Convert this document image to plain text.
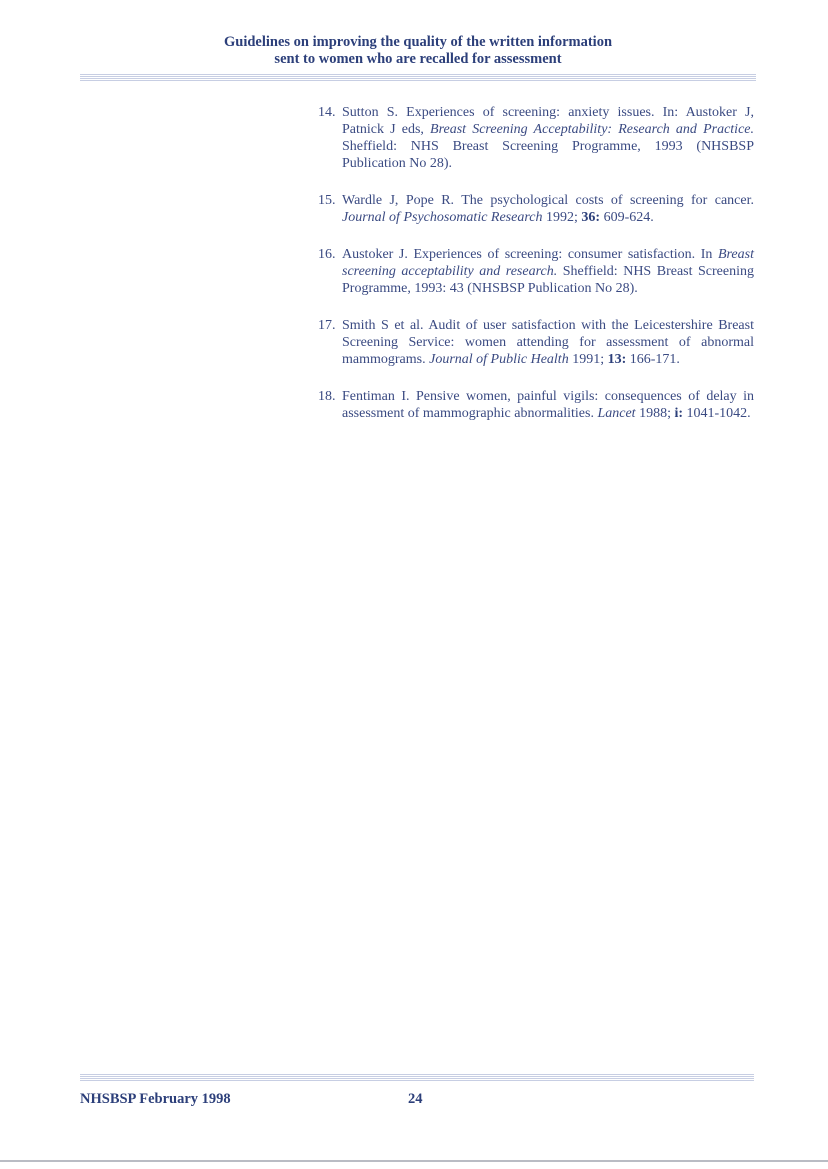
Guidelines on improving the quality of the written information
sent to women who are recalled for assessment
14. Sutton S. Experiences of screening: anxiety issues. In: Austoker J, Patnick J eds, Breast Screening Acceptability: Research and Practice. Sheffield: NHS Breast Screening Programme, 1993 (NHSBSP Publication No 28).
15. Wardle J, Pope R. The psychological costs of screening for cancer. Journal of Psychosomatic Research 1992; 36: 609-624.
16. Austoker J. Experiences of screening: consumer satisfaction. In Breast screening acceptability and research. Sheffield: NHS Breast Screening Programme, 1993: 43 (NHSBSP Publication No 28).
17. Smith S et al. Audit of user satisfaction with the Leicestershire Breast Screening Service: women attending for assessment of abnormal mammograms. Journal of Public Health 1991; 13: 166-171.
18. Fentiman I. Pensive women, painful vigils: consequences of delay in assessment of mammographic abnormalities. Lancet 1988; i: 1041-1042.
NHSBSP February 1998	24
